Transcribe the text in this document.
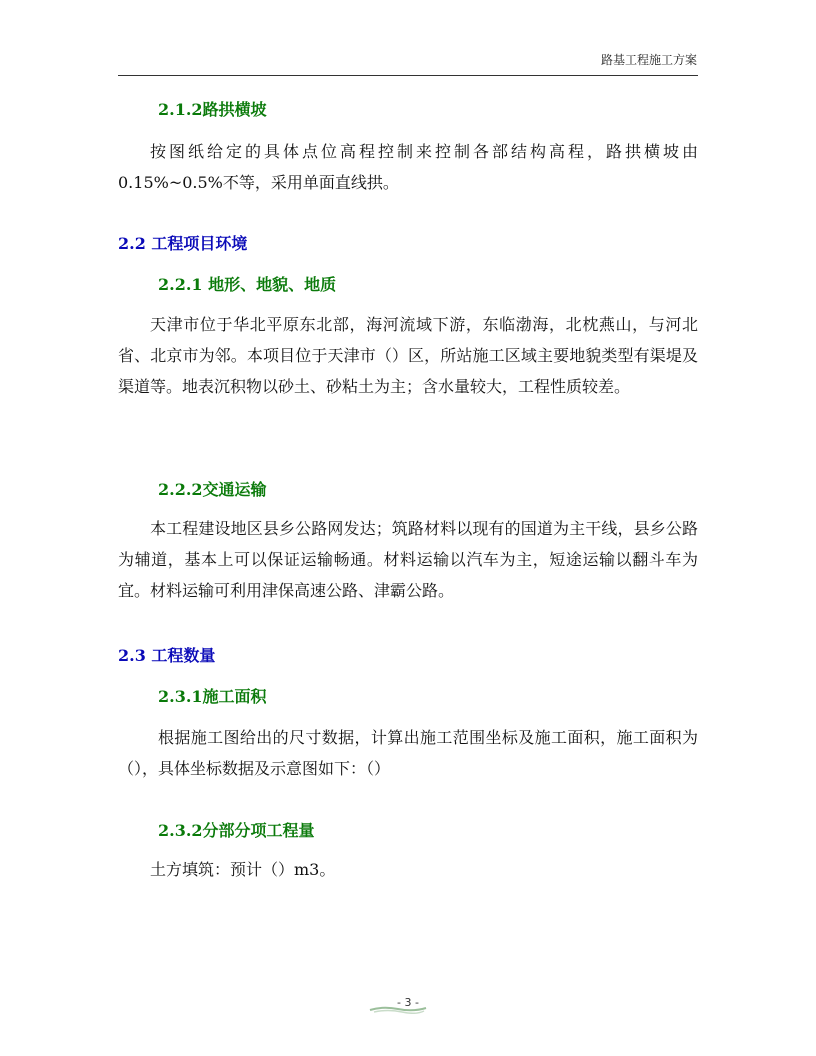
路基工程施工方案
2.1.2路拱横坡
按图纸给定的具体点位高程控制来控制各部结构高程，路拱横坡由0.15%~0.5%不等，采用单面直线拱。
2.2 工程项目环境
2.2.1 地形、地貌、地质
天津市位于华北平原东北部，海河流域下游，东临渤海，北枕燕山，与河北省、北京市为邻。本项目位于天津市（）区，所站施工区域主要地貌类型有渠堤及渠道等。地表沉积物以砂土、砂粘土为主；含水量较大，工程性质较差。
2.2.2交通运输
本工程建设地区县乡公路网发达；筑路材料以现有的国道为主干线，县乡公路为辅道，基本上可以保证运输畅通。材料运输以汽车为主，短途运输以翻斗车为宜。材料运输可利用津保高速公路、津霸公路。
2.3 工程数量
2.3.1施工面积
根据施工图给出的尺寸数据，计算出施工范围坐标及施工面积，施工面积为（），具体坐标数据及示意图如下：（）
2.3.2分部分项工程量
土方填筑：预计（）m3。
- 3 -
